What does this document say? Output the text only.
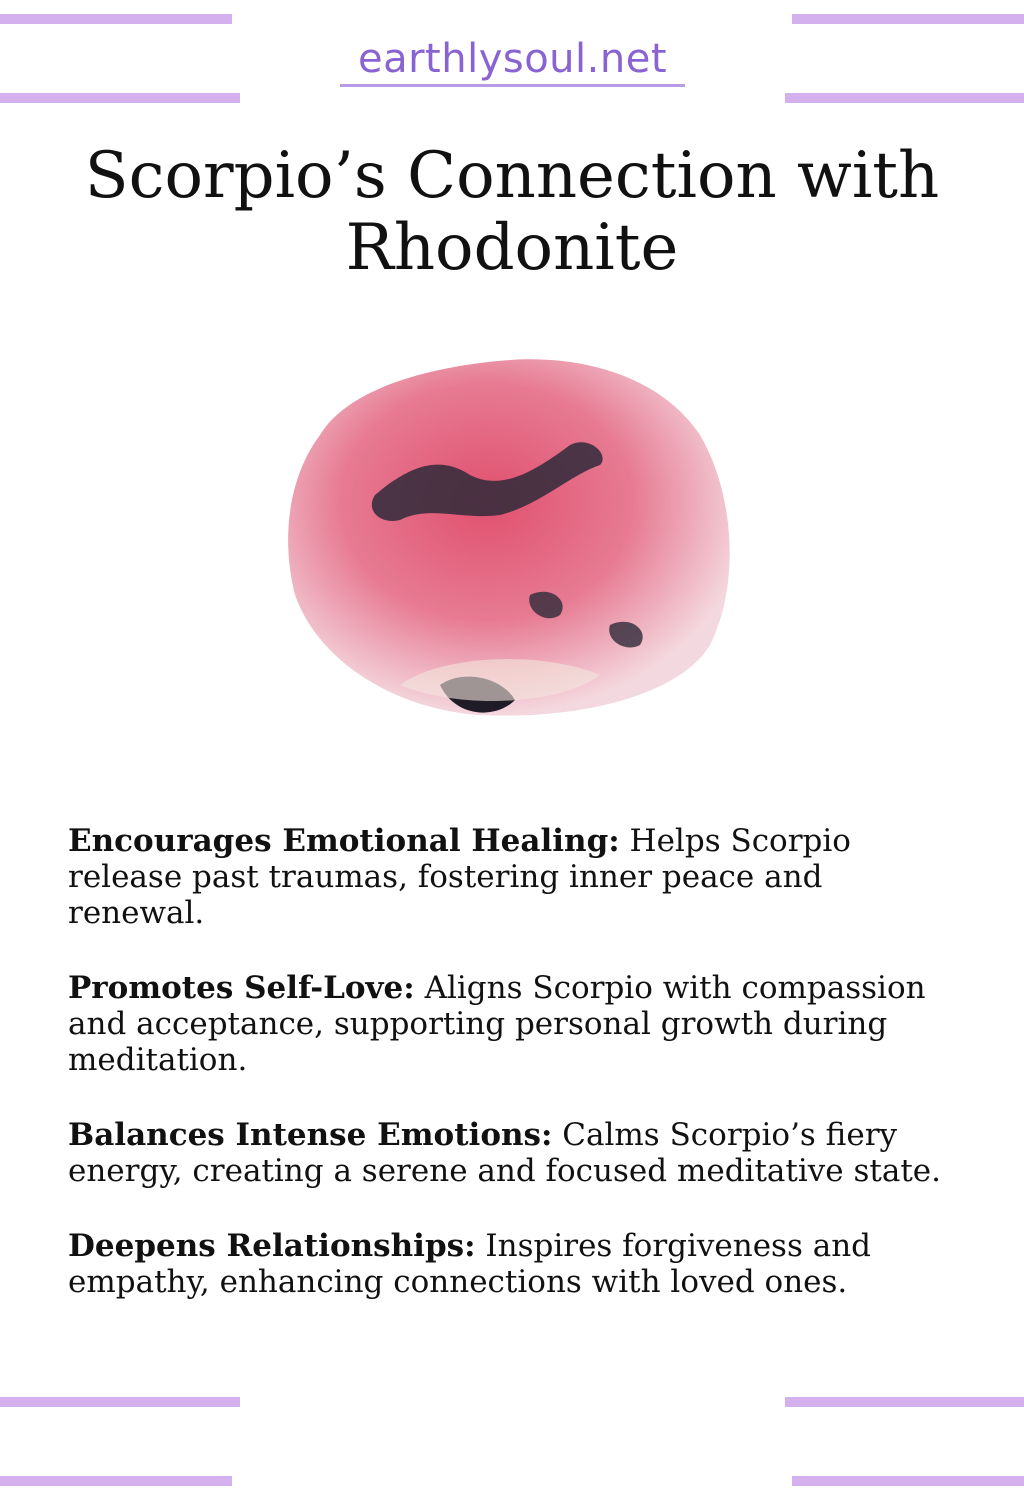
earthlysoul.net
Scorpio’s Connection with
Rhodonite

Encourages Emotional Healing: Helps Scorpio release past traumas, fostering inner peace and renewal.

Promotes Self-Love: Aligns Scorpio with compassion and acceptance, supporting personal growth during meditation.

Balances Intense Emotions: Calms Scorpio’s fiery energy, creating a serene and focused meditative state.

Deepens Relationships: Inspires forgiveness and empathy, enhancing connections with loved ones.
